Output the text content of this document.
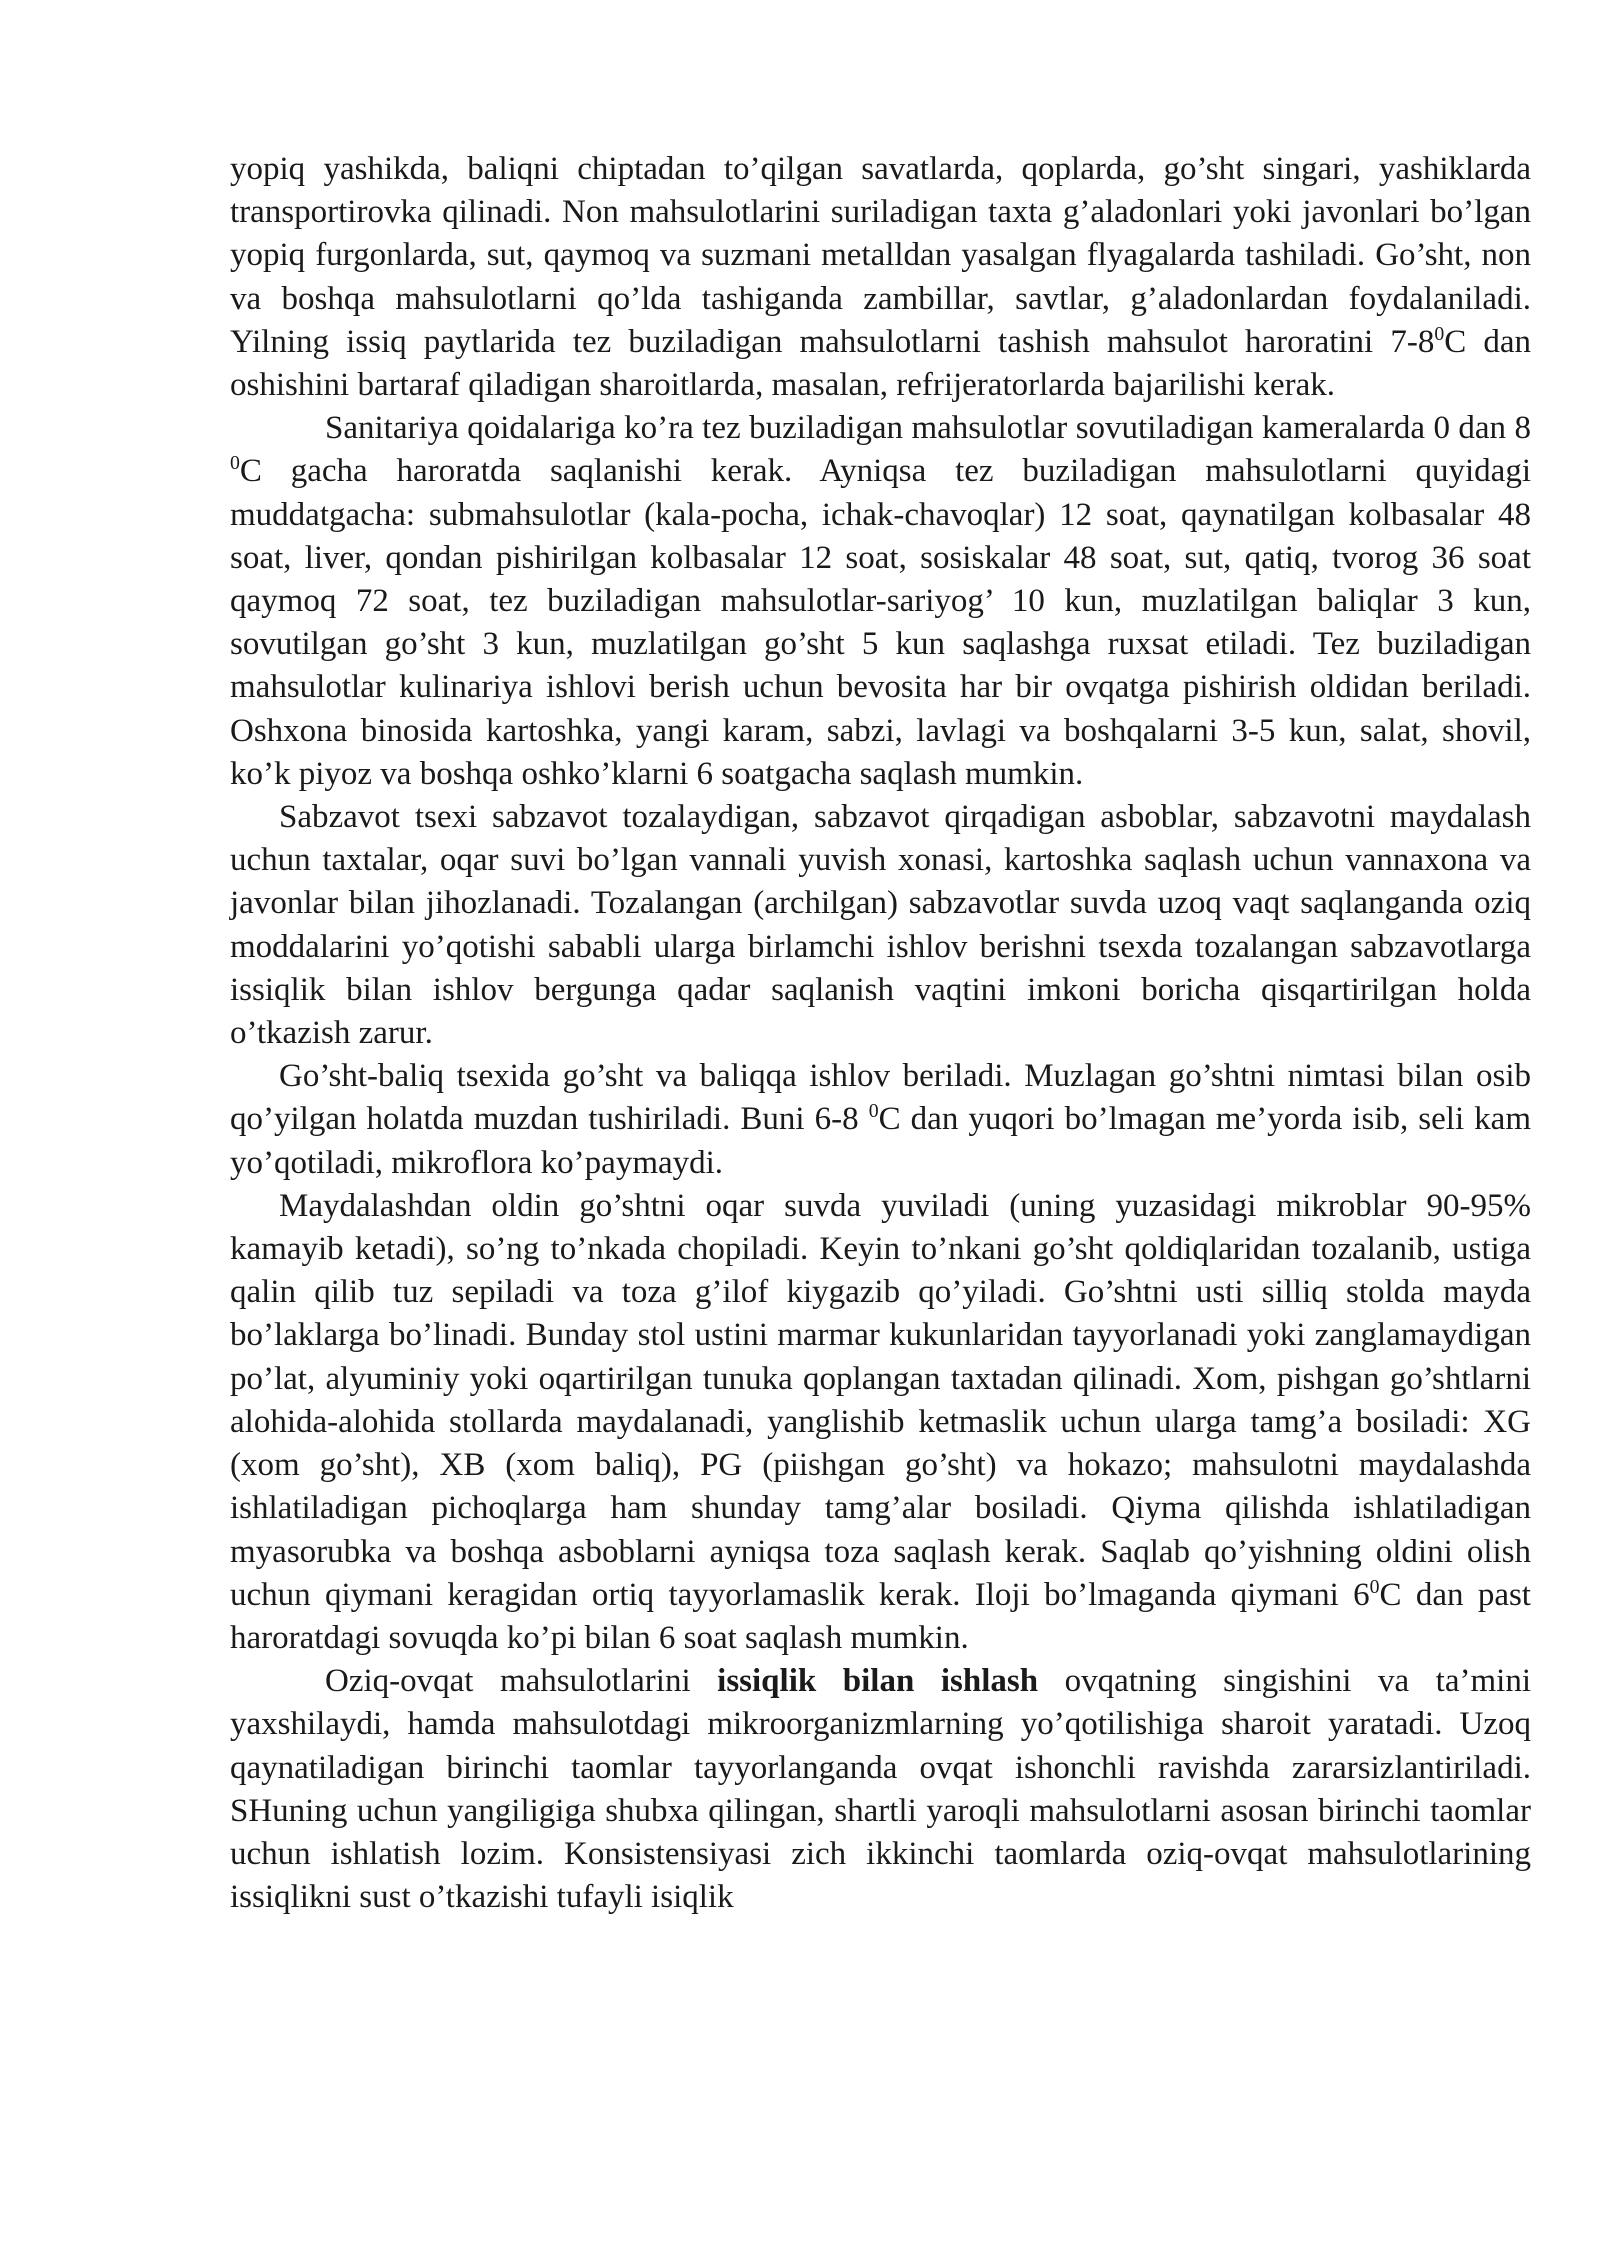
yopiq yashikda, baliqni chiptadan to’qilgan savatlarda, qoplarda, go’sht singari, yashiklarda transportirovka qilinadi. Non mahsulotlarini suriladigan taxta g’aladonlari yoki javonlari bo’lgan yopiq furgonlarda, sut, qaymoq va suzmani metalldan yasalgan flyagalarda tashiladi. Go’sht, non va boshqa mahsulotlarni qo’lda tashiganda zambillar, savtlar, g’aladonlardan foydalaniladi. Yilning issiq paytlarida tez buziladigan mahsulotlarni tashish mahsulot haroratini $7-8^0C$ dan oshishini bartaraf qiladigan sharoitlarda, masalan, refrijeratorlarda bajarilishi kerak.

Sanitariya qoidalariga ko’ra tez buziladigan mahsulotlar sovutiladigan kameralarda 0 dan 8 $^0$C gacha haroratda saqlanishi kerak. Ayniqsa tez buziladigan mahsulotlarni quyidagi muddatgacha: submahsulotlar (kala-pocha, ichak-chavoqlar) 12 soat, qaynatilgan kolbasalar 48 soat, liver, qondan pishirilgan kolbasalar 12 soat, sosiskalar 48 soat, sut, qatiq, tvorog 36 soat qaymoq 72 soat, tez buziladigan mahsulotlar-sariyog’ 10 kun, muzlatilgan baliqlar 3 kun, sovutilgan go’sht 3 kun, muzlatilgan go’sht 5 kun saqlashga ruxsat etiladi. Tez buziladigan mahsulotlar kulinariya ishlovi berish uchun bevosita har bir ovqatga pishirish oldidan beriladi. Oshxona binosida kartoshka, yangi karam, sabzi, lavlagi va boshqalarni 3-5 kun, salat, shovil, ko’k piyoz va boshqa oshko’klarni 6 soatgacha saqlash mumkin.

Sabzavot tsexi sabzavot tozalaydigan, sabzavot qirqadigan asboblar, sabzavotni maydalash uchun taxtalar, oqar suvi bo’lgan vannali yuvish xonasi, kartoshka saqlash uchun vannaxona va javonlar bilan jihozlanadi. Tozalangan (archilgan) sabzavotlar suvda uzoq vaqt saqlanganda oziq moddalarini yo’qotishi sababli ularga birlamchi ishlov berishni tsexda tozalangan sabzavotlarga issiqlik bilan ishlov bergunga qadar saqlanish vaqtini imkoni boricha qisqartirilgan holda o’tkazish zarur.

Go’sht-baliq tsexida go’sht va baliqqa ishlov beriladi. Muzlagan go’shtni nimtasi bilan osib qo’yilgan holatda muzdan tushiriladi. Buni 6-8 $^0$C dan yuqori bo’lmagan me’yorda isib, seli kam yo’qotiladi, mikroflora ko’paymaydi.

Maydalashdan oldin go’shtni oqar suvda yuviladi (uning yuzasidagi mikroblar 90-95% kamayib ketadi), so’ng to’nkada chopiladi. Keyin to’nkani go’sht qoldiqlaridan tozalanib, ustiga qalin qilib tuz sepiladi va toza g’ilof kiygazib qo’yiladi. Go’shtni usti silliq stolda mayda bo’laklarga bo’linadi. Bunday stol ustini marmar kukunlaridan tayyorlanadi yoki zanglamaydigan po’lat, alyuminiy yoki oqartirilgan tunuka qoplangan taxtadan qilinadi. Xom, pishgan go’shtlarni alohida-alohida stollarda maydalanadi, yanglishib ketmaslik uchun ularga tamg’a bosiladi: XG (xom go’sht), XB (xom baliq), PG (piishgan go’sht) va hokazo; mahsulotni maydalashda ishlatiladigan pichoqlarga ham shunday tamg’alar bosiladi. Qiyma qilishda ishlatiladigan myasorubka va boshqa asboblarni ayniqsa toza saqlash kerak. Saqlab qo’yishning oldini olish uchun qiymani keragidan ortiq tayyorlamaslik kerak. Iloji bo’lmaganda qiymani $6^0C$ dan past haroratdagi sovuqda ko’pi bilan 6 soat saqlash mumkin.

Oziq-ovqat mahsulotlarini issiqlik bilan ishlash ovqatning singishini va ta’mini yaxshilaydi, hamda mahsulotdagi mikroorganizmlarning yo’qotilishiga sharoit yaratadi. Uzoq qaynatiladigan birinchi taomlar tayyorlanganda ovqat ishonchli ravishda zararsizlantiriladi. SHuning uchun yangiligiga shubxa qilingan, shartli yaroqli mahsulotlarni asosan birinchi taomlar uchun ishlatish lozim. Konsistensiyasi zich ikkinchi taomlarda oziq-ovqat mahsulotlarining issiqlikni sust o’tkazishi tufayli isiqlik
